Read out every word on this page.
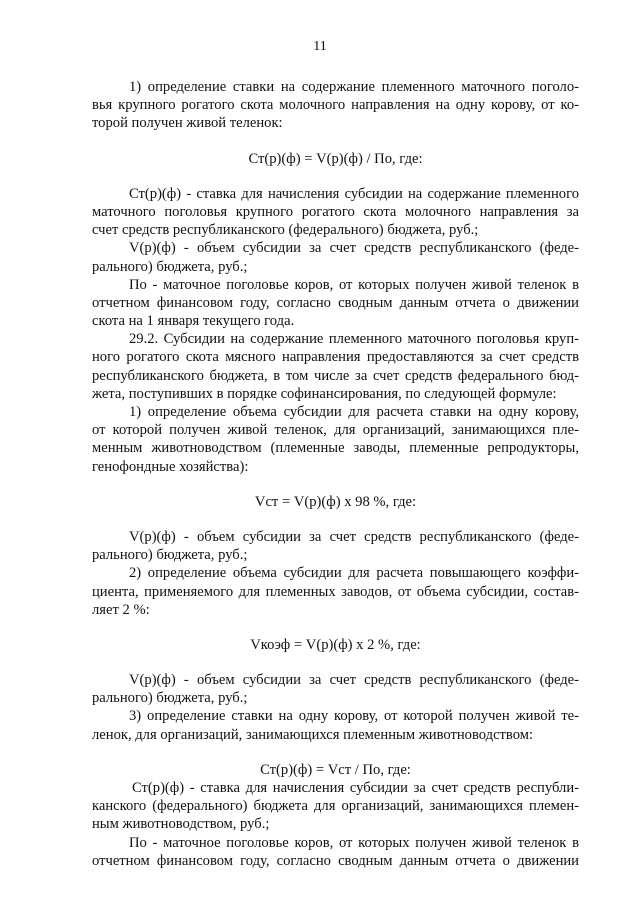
11
1) определение ставки на содержание племенного маточного поголо-
вья крупного рогатого скота молочного направления на одну корову, от ко-
торой получен живой теленок:
Ст(р)(ф) = V(р)(ф) / По, где:
Ст(р)(ф) - ставка для начисления субсидии на содержание племенного
маточного поголовья крупного рогатого скота молочного направления за
счет средств республиканского (федерального) бюджета, руб.;
V(р)(ф) - объем субсидии за счет средств республиканского (феде-
рального) бюджета, руб.;
По - маточное поголовье коров, от которых получен живой теленок в
отчетном финансовом году, согласно сводным данным отчета о движении
скота на 1 января текущего года.
29.2. Субсидии на содержание племенного маточного поголовья круп-
ного рогатого скота мясного направления предоставляются за счет средств
республиканского бюджета, в том числе за счет средств федерального бюд-
жета, поступивших в порядке софинансирования, по следующей формуле:
1) определение объема субсидии для расчета ставки на одну корову,
от которой получен живой теленок, для организаций, занимающихся пле-
менным животноводством (племенные заводы, племенные репродукторы,
генофондные хозяйства):
Vст = V(р)(ф) х 98 %, где:
V(р)(ф) - объем субсидии за счет средств республиканского (феде-
рального) бюджета, руб.;
2) определение объема субсидии для расчета повышающего коэффи-
циента, применяемого для племенных заводов, от объема субсидии, состав-
ляет 2 %:
Vкоэф = V(р)(ф) х 2 %, где:
V(р)(ф) - объем субсидии за счет средств республиканского (феде-
рального) бюджета, руб.;
3) определение ставки на одну корову, от которой получен живой те-
ленок, для организаций, занимающихся племенным животноводством:
Ст(р)(ф) = Vст / По, где:
Ст(р)(ф) - ставка для начисления субсидии за счет средств республи-
канского (федерального) бюджета для организаций, занимающихся племен-
ным животноводством, руб.;
По - маточное поголовье коров, от которых получен живой теленок в
отчетном финансовом году, согласно сводным данным отчета о движении
